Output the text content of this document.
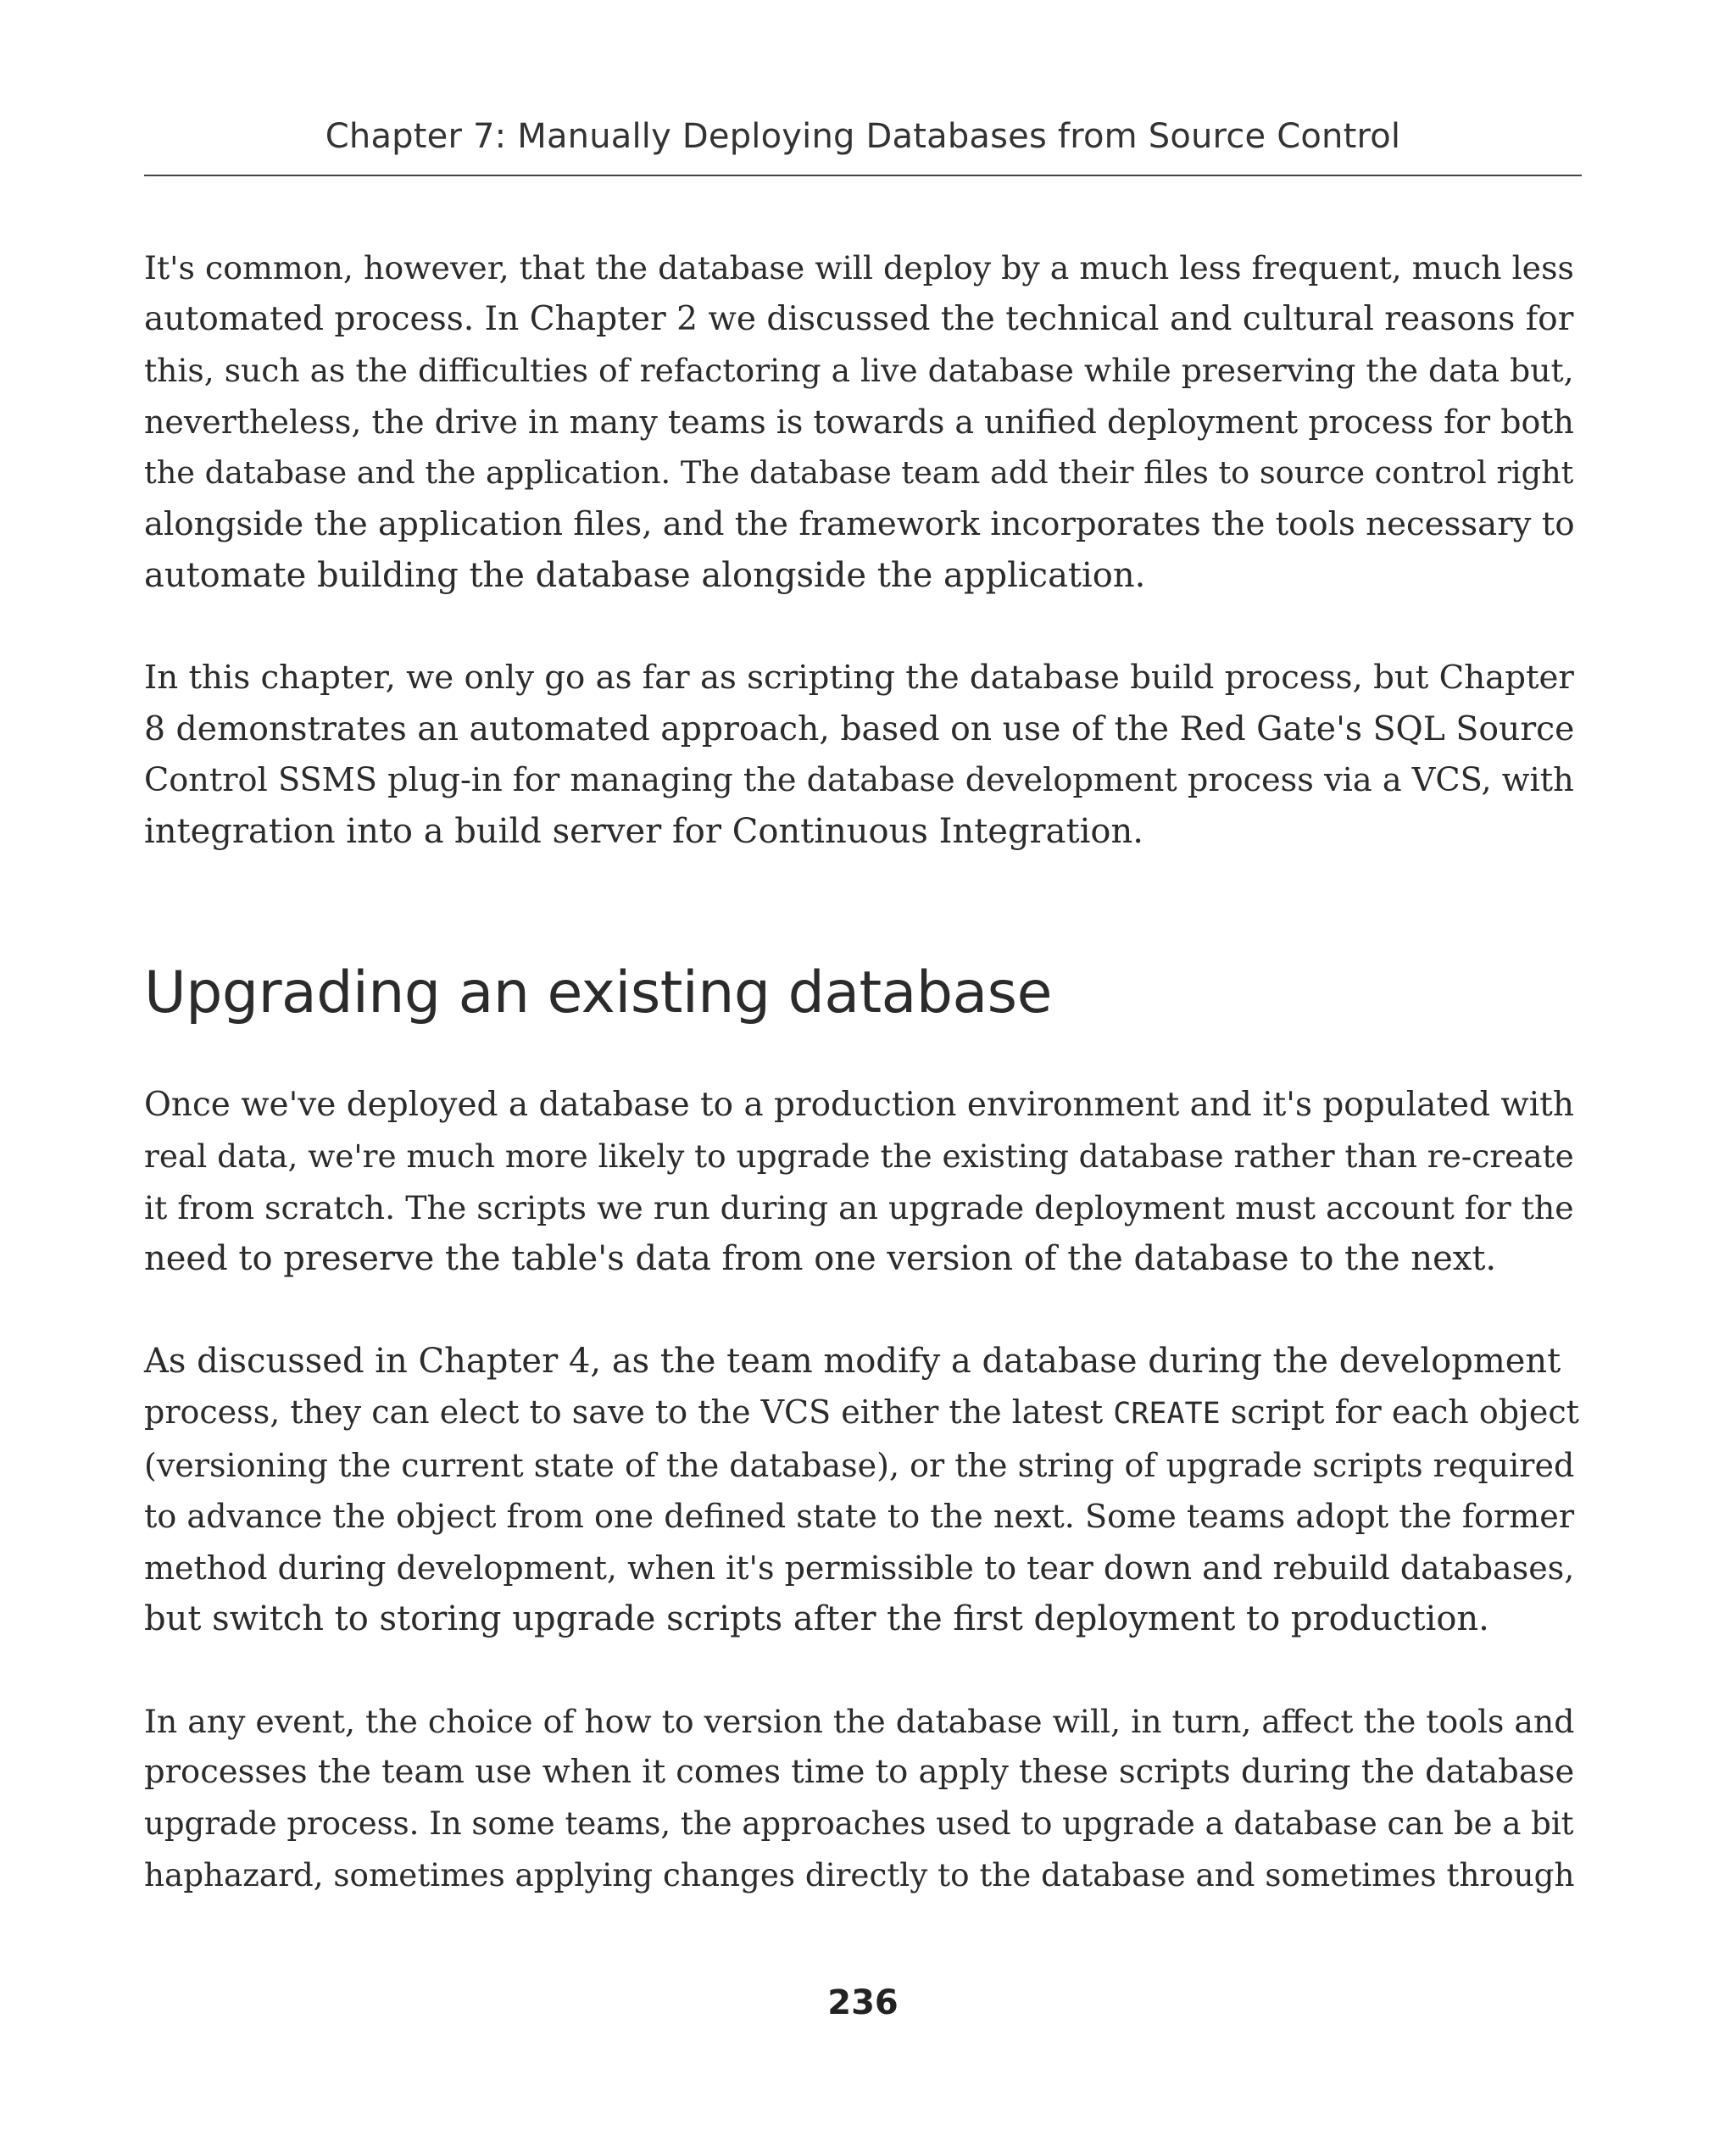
Chapter 7: Manually Deploying Databases from Source Control

It's common, however, that the database will deploy by a much less frequent, much less
automated process. In Chapter 2 we discussed the technical and cultural reasons for
this, such as the difficulties of refactoring a live database while preserving the data but,
nevertheless, the drive in many teams is towards a unified deployment process for both
the database and the application. The database team add their files to source control right
alongside the application files, and the framework incorporates the tools necessary to
automate building the database alongside the application.

In this chapter, we only go as far as scripting the database build process, but Chapter
8 demonstrates an automated approach, based on use of the Red Gate's SQL Source
Control SSMS plug-in for managing the database development process via a VCS, with
integration into a build server for Continuous Integration.

Upgrading an existing database

Once we've deployed a database to a production environment and it's populated with
real data, we're much more likely to upgrade the existing database rather than re-create
it from scratch. The scripts we run during an upgrade deployment must account for the
need to preserve the table's data from one version of the database to the next.

As discussed in Chapter 4, as the team modify a database during the development
process, they can elect to save to the VCS either the latest CREATE script for each object
(versioning the current state of the database), or the string of upgrade scripts required
to advance the object from one defined state to the next. Some teams adopt the former
method during development, when it's permissible to tear down and rebuild databases,
but switch to storing upgrade scripts after the first deployment to production.

In any event, the choice of how to version the database will, in turn, affect the tools and
processes the team use when it comes time to apply these scripts during the database
upgrade process. In some teams, the approaches used to upgrade a database can be a bit
haphazard, sometimes applying changes directly to the database and sometimes through

236
